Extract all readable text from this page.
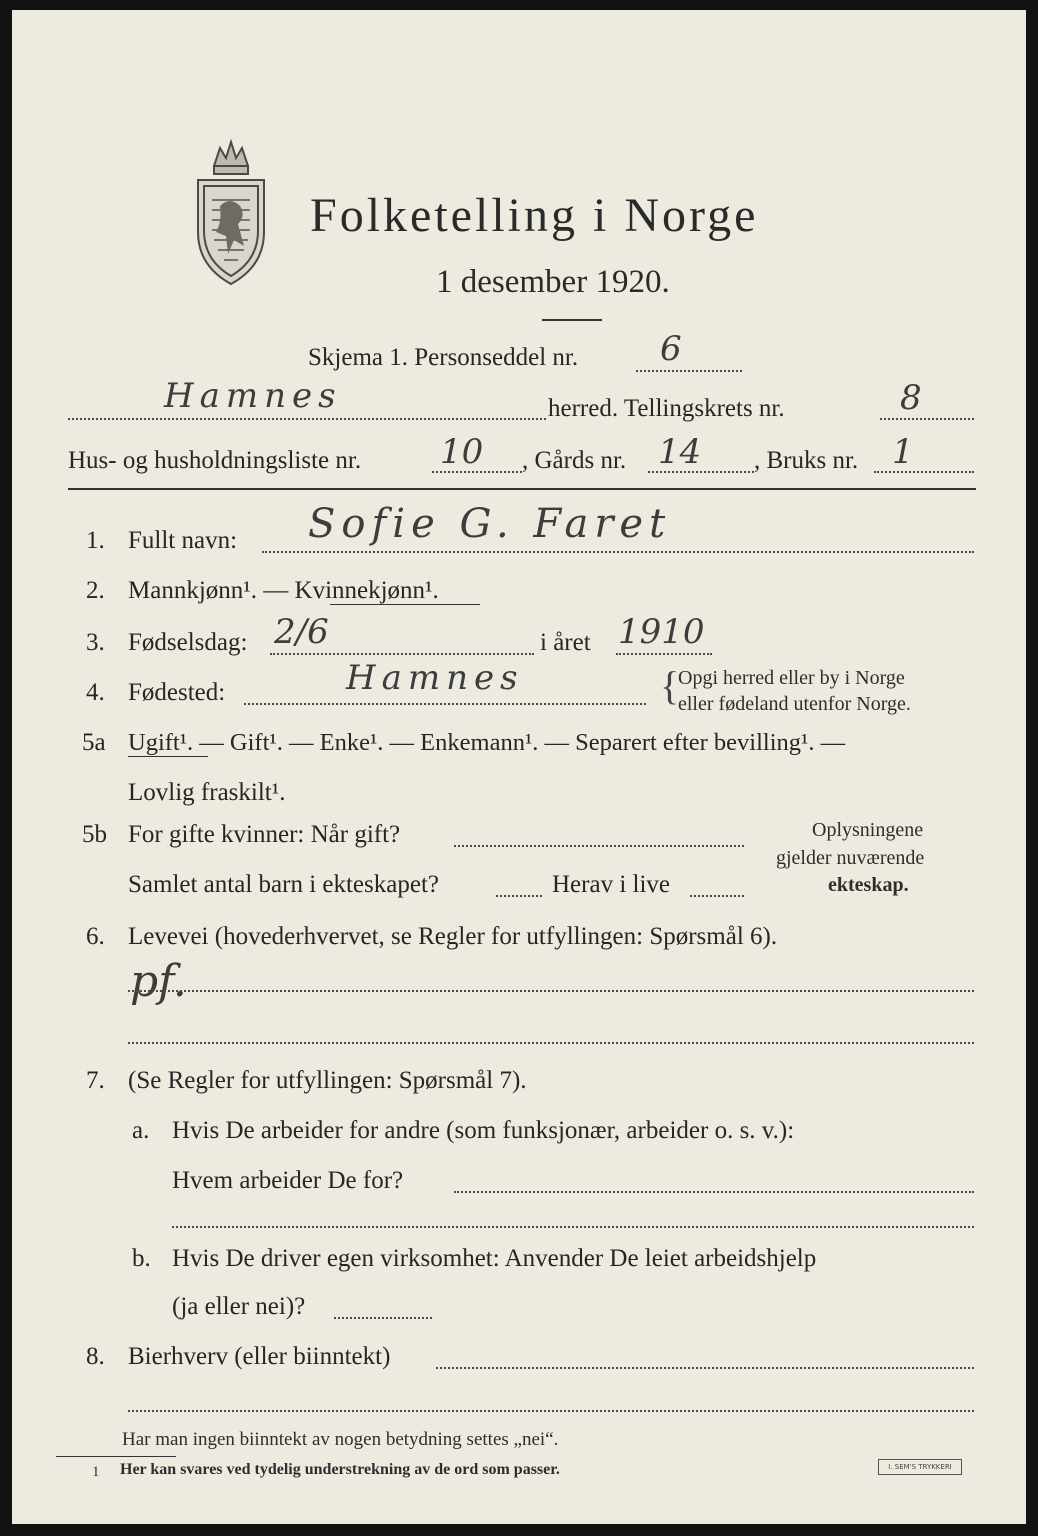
Folketelling i Norge
1 desember 1920.
Skjema 1. Personseddel nr. 6
Hamnes	herred. Tellingskrets nr.	8
Hus- og husholdningsliste nr. 10 , Gårds nr. 14 , Bruks nr. 1
1. Fullt navn: Sofie G. Faret
2. Mannkjønn¹. — Kvinnekjønn¹.
3. Fødselsdag: 2/6	i året 1910
4. Fødested:	Hamnes	{
Opgi herred eller by i Norge
eller fødeland utenfor Norge.
5a Ugift¹. — Gift¹. — Enke¹. — Enkemann¹. — Separert efter bevilling¹. —
Lovlig fraskilt¹.
5b For gifte kvinner: Når gift?
Samlet antal barn i ekteskapet?	Herav i live
Oplysningene
gjelder nuværende
ekteskap.
6. Levevei (hovederhvervet, se Regler for utfyllingen: Spørsmål 6).
pf.
7. (Se Regler for utfyllingen: Spørsmål 7).
a. Hvis De arbeider for andre (som funksjonær, arbeider o. s. v.):
Hvem arbeider De for?
b. Hvis De driver egen virksomhet: Anvender De leiet arbeidshjelp
(ja eller nei)?
8. Bierhverv (eller biinntekt)
Har man ingen biinntekt av nogen betydning settes „nei“.
1 Her kan svares ved tydelig understrekning av de ord som passer.	I. SEM'S TRYKKERI
